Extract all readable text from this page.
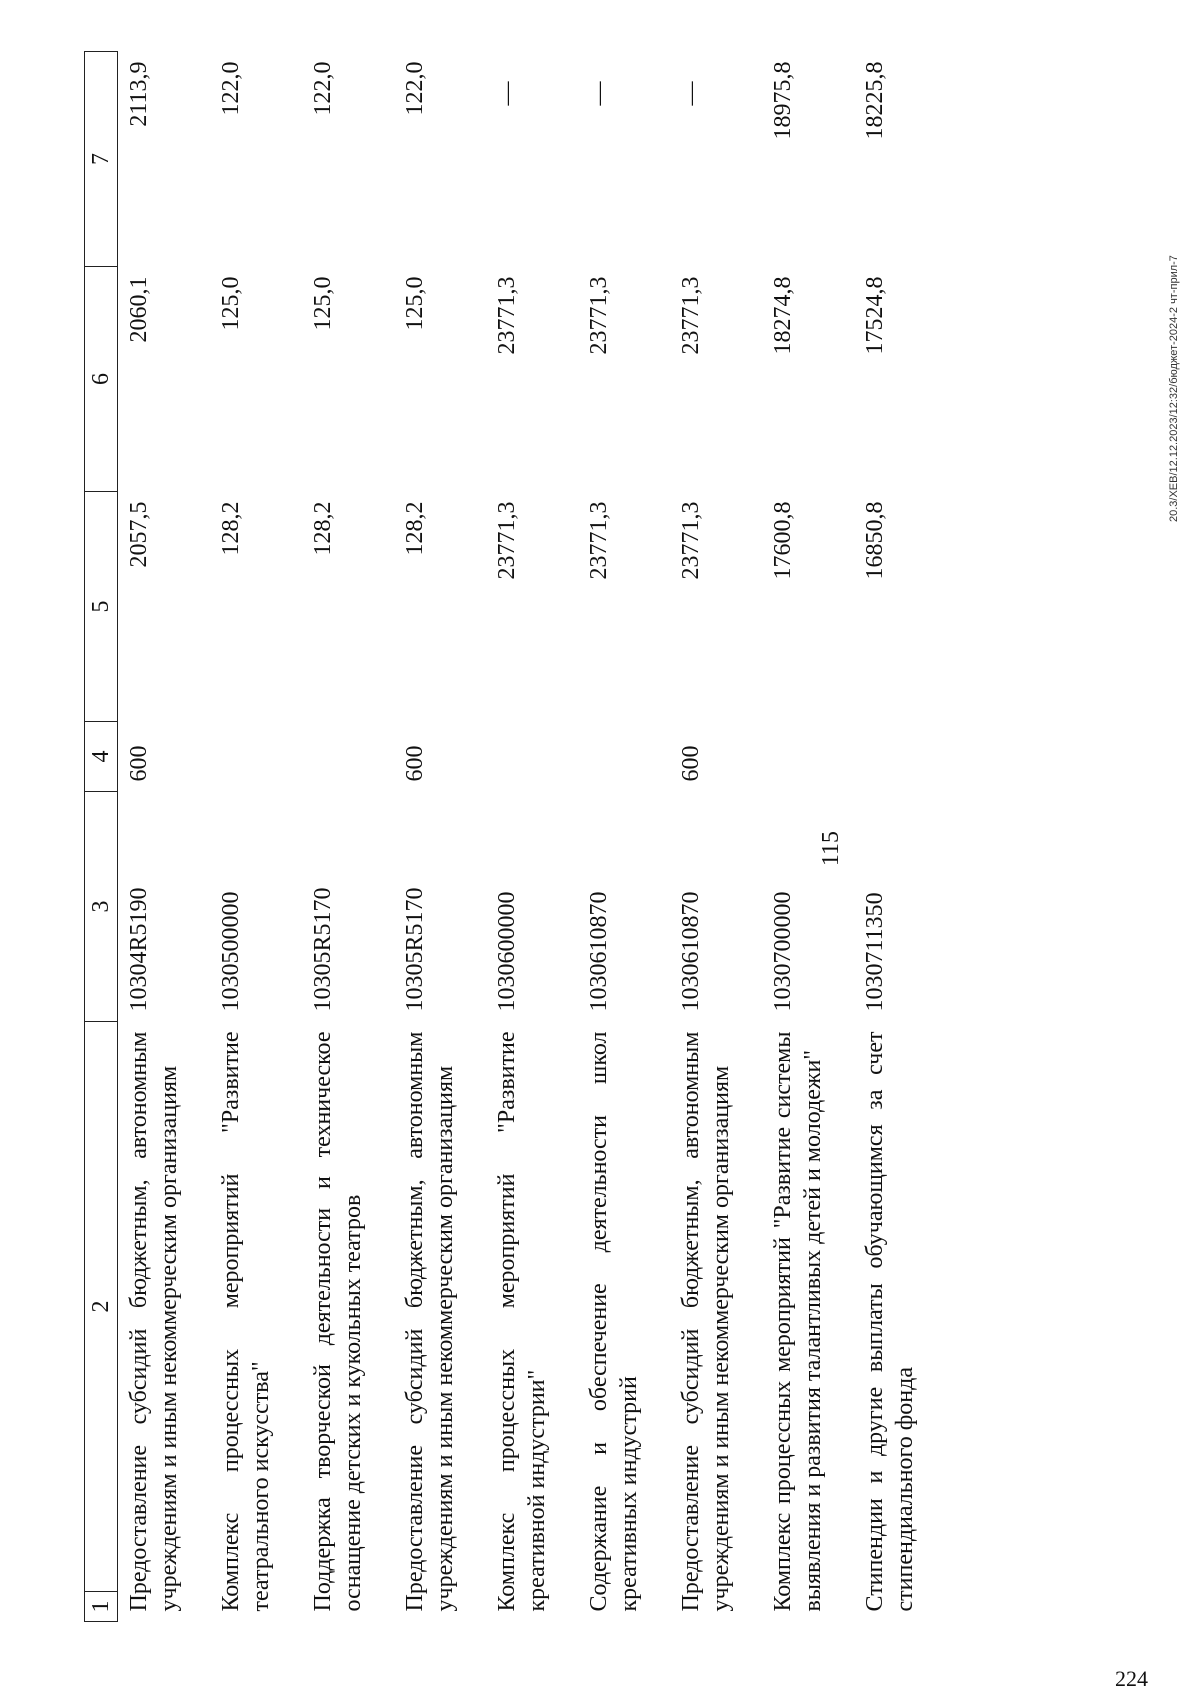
115
1	2	3	4	5	6	7
Предоставление субсидий бюджетным, автономным учреждениям и иным некоммерческим организациям		10304R5190	600	2057,5	2060,1	2113,9
Комплекс процессных мероприятий "Развитие театрального искусства"		1030500000		128,2	125,0	122,0
Поддержка творческой деятельности и техническое оснащение детских и кукольных театров		10305R5170		128,2	125,0	122,0
Предоставление субсидий бюджетным, автономным учреждениям и иным некоммерческим организациям		10305R5170	600	128,2	125,0	122,0
Комплекс процессных мероприятий "Развитие креативной индустрии"		1030600000		23771,3	23771,3	—
Содержание и обеспечение деятельности школ креативных индустрий		1030610870		23771,3	23771,3	—
Предоставление субсидий бюджетным, автономным учреждениям и иным некоммерческим организациям		1030610870	600	23771,3	23771,3	—
Комплекс процессных мероприятий "Развитие системы выявления и развития талантливых детей и молодежи"		1030700000		17600,8	18274,8	18975,8
Стипендии и другие выплаты обучающимся за счет стипендиального фонда		1030711350		16850,8	17524,8	18225,8
20.3/ХЕВ/12.12.2023/12:32/бюджет-2024-2 чт-прил-7
224
